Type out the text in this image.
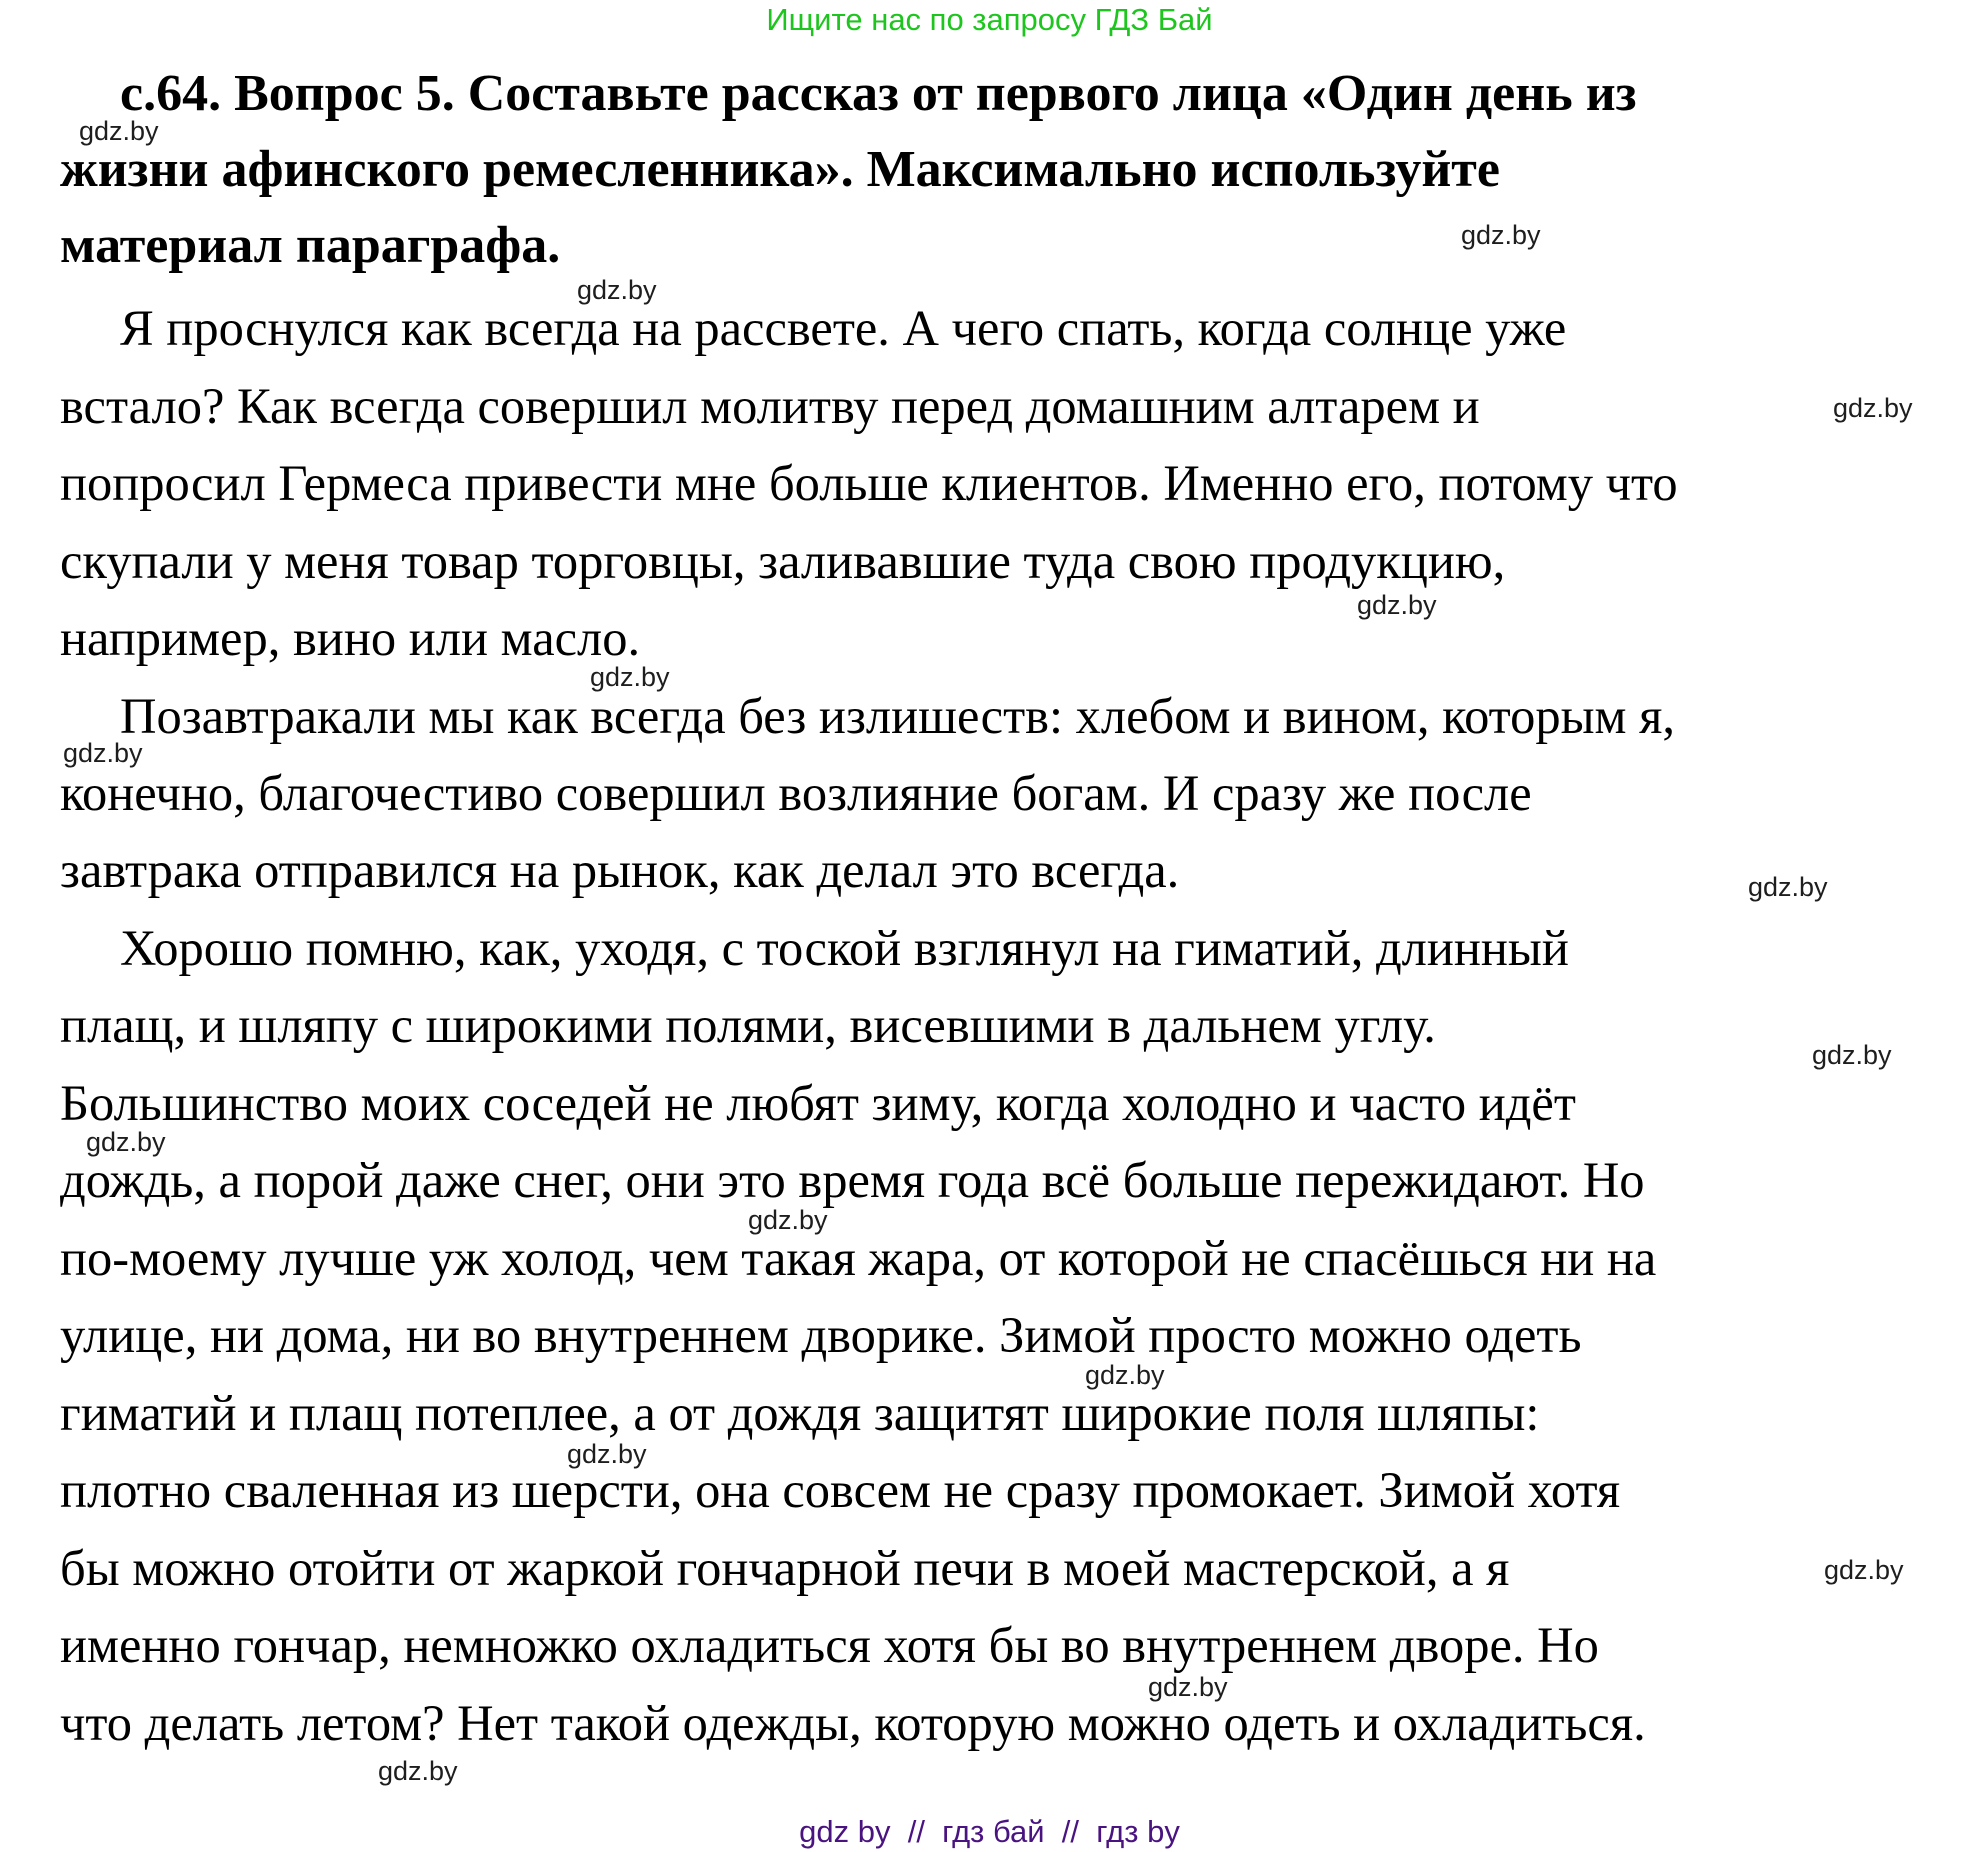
Ищите нас по запросу ГДЗ Бай
с.64. Вопрос 5. Составьте рассказ от первого лица «Один день из
жизни афинского ремесленника». Максимально используйте
материал параграфа.
Я проснулся как всегда на рассвете. А чего спать, когда солнце уже
встало? Как всегда совершил молитву перед домашним алтарем и
попросил Гермеса привести мне больше клиентов. Именно его, потому что
скупали у меня товар торговцы, заливавшие туда свою продукцию,
например, вино или масло.
Позавтракали мы как всегда без излишеств: хлебом и вином, которым я,
конечно, благочестиво совершил возлияние богам. И сразу же после
завтрака отправился на рынок, как делал это всегда.
Хорошо помню, как, уходя, с тоской взглянул на гиматий, длинный
плащ, и шляпу с широкими полями, висевшими в дальнем углу.
Большинство моих соседей не любят зиму, когда холодно и часто идёт
дождь, а порой даже снег, они это время года всё больше пережидают. Но
по-моему лучше уж холод, чем такая жара, от которой не спасёшься ни на
улице, ни дома, ни во внутреннем дворике. Зимой просто можно одеть
гиматий и плащ потеплее, а от дождя защитят широкие поля шляпы:
плотно сваленная из шерсти, она совсем не сразу промокает. Зимой хотя
бы можно отойти от жаркой гончарной печи в моей мастерской, а я
именно гончар, немножко охладиться хотя бы во внутреннем дворе. Но
что делать летом? Нет такой одежды, которую можно одеть и охладиться.
gdz.by
gdz.by
gdz.by
gdz.by
gdz.by
gdz.by
gdz.by
gdz.by
gdz.by
gdz.by
gdz.by
gdz.by
gdz.by
gdz.by
gdz.by
gdz.by
gdz by  //  гдз бай  //  гдз by
